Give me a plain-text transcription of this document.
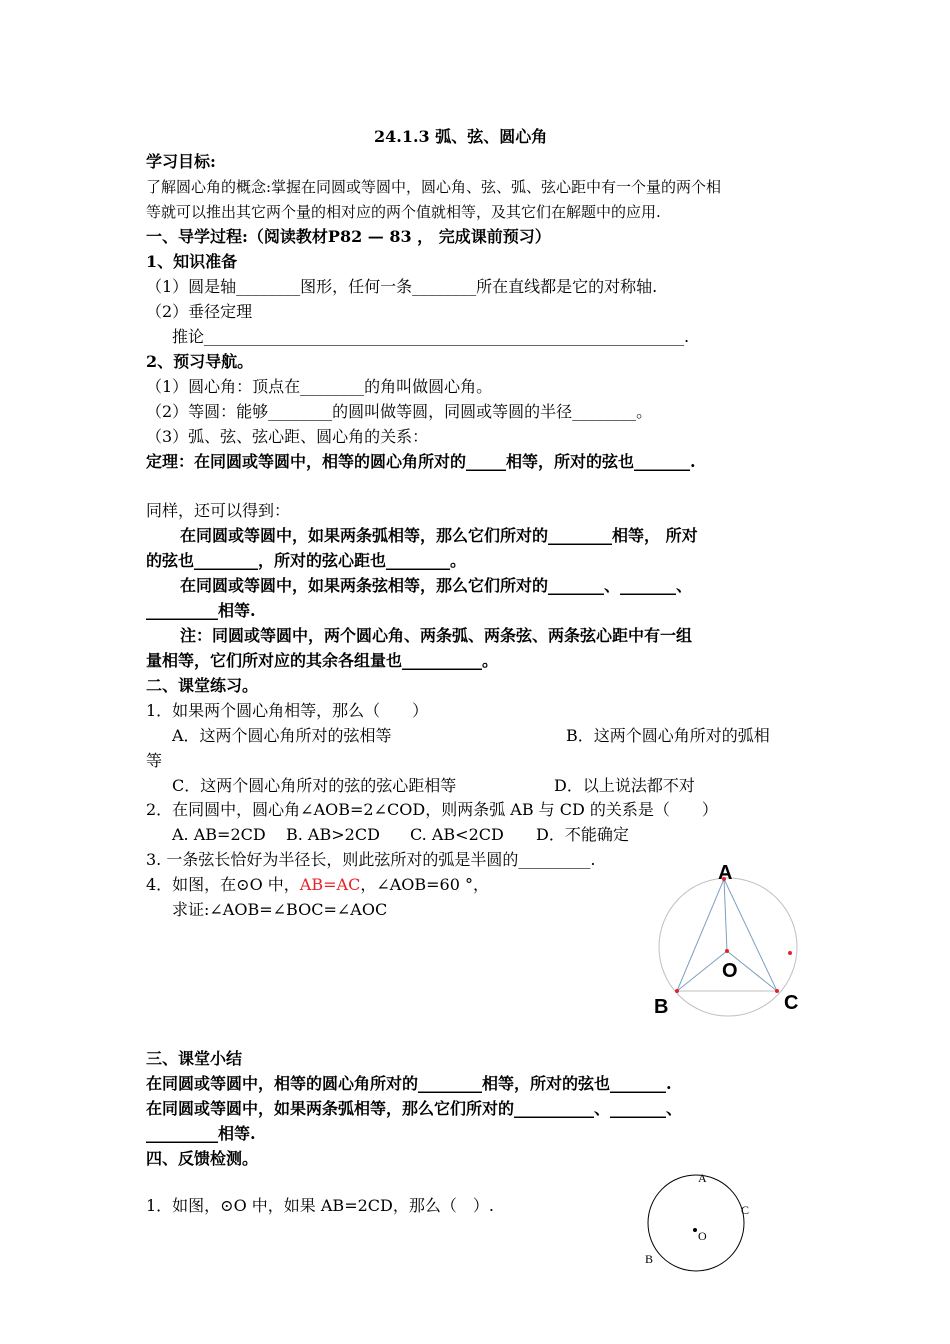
24.1.3 弧、弦、圆心角
学习目标:
了解圆心角的概念:掌握在同圆或等圆中，圆心角、弦、弧、弦心距中有一个量的两个相
等就可以推出其它两个量的相对应的两个值就相等，及其它们在解题中的应用.
一、导学过程:（阅读教材P82 — 83 ， 完成课前预习）
1、知识准备
（1）圆是轴________图形，任何一条________所在直线都是它的对称轴.
（2）垂径定理
推论____________________________________________________________.
2、预习导航。
（1）圆心角：顶点在________的角叫做圆心角。
（2）等圆：能够________的圆叫做等圆，同圆或等圆的半径________。
（3）弧、弦、弦心距、圆心角的关系：
定理：在同圆或等圆中，相等的圆心角所对的_____相等，所对的弦也_______.
同样，还可以得到：
在同圆或等圆中，如果两条弧相等，那么它们所对的________相等， 所对
的弦也________，所对的弦心距也________。
在同圆或等圆中，如果两条弦相等，那么它们所对的_______、_______、
_________相等.
注：同圆或等圆中，两个圆心角、两条弧、两条弦、两条弦心距中有一组
量相等，它们所对应的其余各组量也__________。
二、课堂练习。
1．如果两个圆心角相等，那么（　　）
A．这两个圆心角所对的弦相等	B．这两个圆心角所对的弧相
等
C．这两个圆心角所对的弦的弦心距相等	D．以上说法都不对
2．在同圆中，圆心角∠AOB=2∠COD，则两条弧 AB 与 CD 的关系是（　　）
A. AB=2CD B. AB>2CD C. AB<2CD D．不能确定
3. 一条弦长恰好为半径长，则此弦所对的弧是半圆的_________.
4．如图，在⊙O 中，AB=AC，∠AOB=60 °，
求证:∠AOB=∠BOC=∠AOC
A
O
B	C
三、课堂小结
在同圆或等圆中，相等的圆心角所对的________相等，所对的弦也_______.
在同圆或等圆中，如果两条弧相等，那么它们所对的__________、_______、
_________相等.
四、反馈检测。
1．如图，⊙O 中，如果 AB=2CD，那么（　）.
A
C
O
B
